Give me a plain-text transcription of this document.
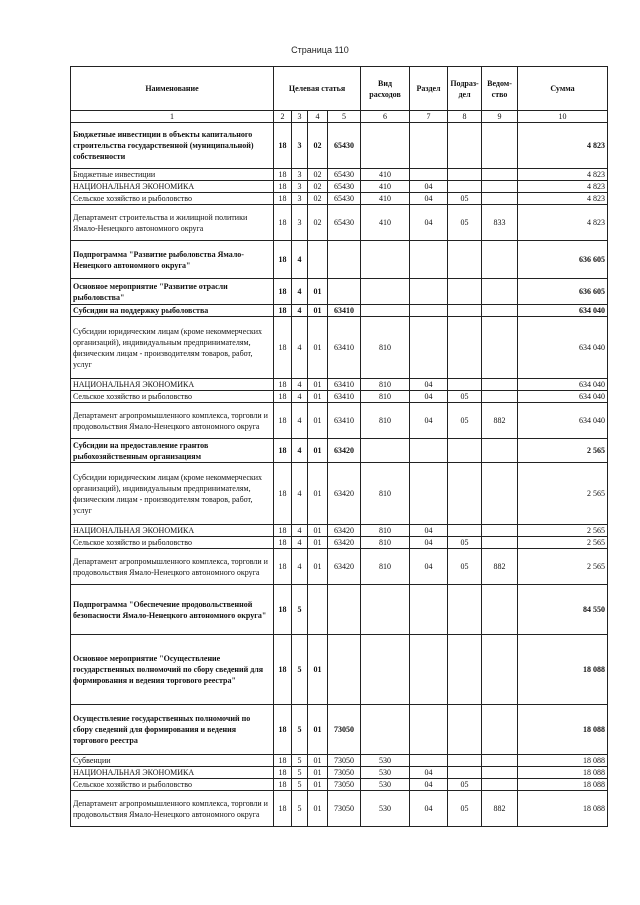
Страница 110
Наименование	Целевая статья				Вид расходов	Раздел	Подраз-дел	Ведом-ство	Сумма
1	2	3	4	5	6	7	8	9	10
Бюджетные инвестиции в объекты капитального строительства государственной (муниципальной) собственности	18	3	02	65430					4 823
Бюджетные инвестиции	18	3	02	65430	410				4 823
НАЦИОНАЛЬНАЯ ЭКОНОМИКА	18	3	02	65430	410	04			4 823
Сельское хозяйство и рыболовство	18	3	02	65430	410	04	05		4 823
Департамент строительства и жилищной политики Ямало-Ненецкого автономного округа	18	3	02	65430	410	04	05	833	4 823
Подпрограмма "Развитие рыболовства Ямало-Ненецкого автономного округа"	18	4							636 605
Основное мероприятие "Развитие отрасли рыболовства"	18	4	01						636 605
Субсидии на поддержку рыболовства	18	4	01	63410					634 040
Субсидии юридическим лицам (кроме некоммерческих организаций), индивидуальным предпринимателям, физическим лицам - производителям товаров, работ, услуг	18	4	01	63410	810				634 040
НАЦИОНАЛЬНАЯ ЭКОНОМИКА	18	4	01	63410	810	04			634 040
Сельское хозяйство и рыболовство	18	4	01	63410	810	04	05		634 040
Департамент агропромышленного комплекса, торговли и продовольствия Ямало-Ненецкого автономного округа	18	4	01	63410	810	04	05	882	634 040
Субсидии на предоставление грантов рыбохозяйственным организациям	18	4	01	63420					2 565
Субсидии юридическим лицам (кроме некоммерческих организаций), индивидуальным предпринимателям, физическим лицам - производителям товаров, работ, услуг	18	4	01	63420	810				2 565
НАЦИОНАЛЬНАЯ ЭКОНОМИКА	18	4	01	63420	810	04			2 565
Сельское хозяйство и рыболовство	18	4	01	63420	810	04	05		2 565
Департамент агропромышленного комплекса, торговли и продовольствия Ямало-Ненецкого автономного округа	18	4	01	63420	810	04	05	882	2 565
Подпрограмма "Обеспечение продовольственной безопасности Ямало-Ненецкого автономного округа"	18	5							84 550
Основное мероприятие "Осуществление государственных полномочий по сбору сведений для формирования и ведения торгового реестра"	18	5	01						18 088
Осуществление государственных полномочий по сбору сведений для формирования и ведения торгового реестра	18	5	01	73050					18 088
Субвенции	18	5	01	73050	530				18 088
НАЦИОНАЛЬНАЯ ЭКОНОМИКА	18	5	01	73050	530	04			18 088
Сельское хозяйство и рыболовство	18	5	01	73050	530	04	05		18 088
Департамент агропромышленного комплекса, торговли и продовольствия Ямало-Ненецкого автономного округа	18	5	01	73050	530	04	05	882	18 088
